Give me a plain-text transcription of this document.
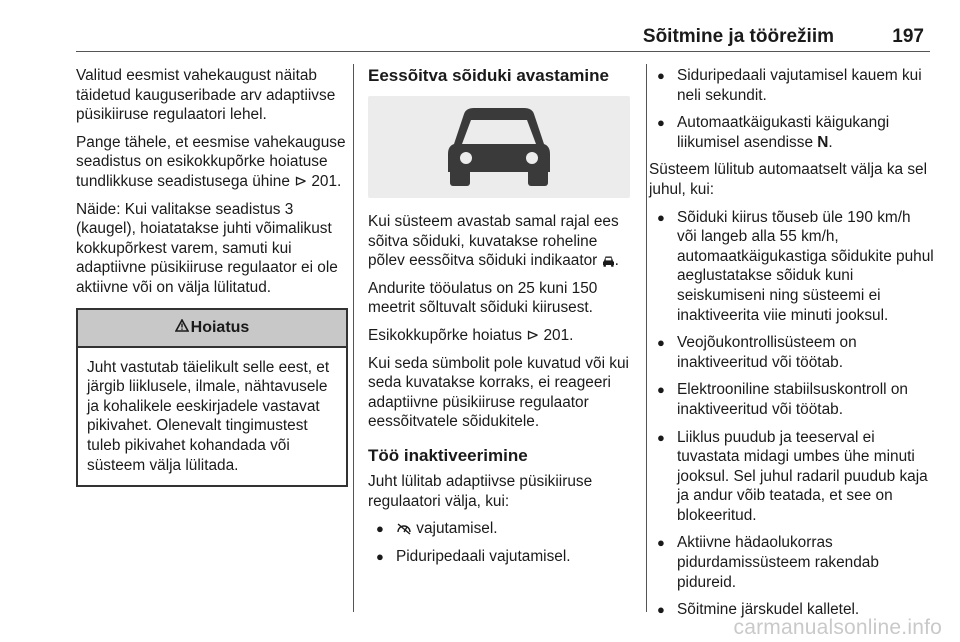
Sõitmine ja töörežiim	197

Valitud eesmist vahekaugust näitab täidetud kauguseribade arv adaptiivse püsikiiruse regulaatori lehel.

Pange tähele, et eesmise vahekauguse seadistus on esikokkupõrke hoiatuse tundlikkuse seadistusega ühine ⊳ 201.

Näide: Kui valitakse seadistus 3 (kaugel), hoiatatakse juhti võimalikust kokkupõrkest varem, samuti kui adaptiivne püsikiiruse regulaator ei ole aktiivne või on välja lülitatud.

Hoiatus
Juht vastutab täielikult selle eest, et järgib liiklusele, ilmale, nähtavusele ja kohalikele eeskirjadele vastavat pikivahet. Olenevalt tingimustest tuleb pikivahet kohandada või süsteem välja lülitada.
Eessõitva sõiduki avastamine

Kui süsteem avastab samal rajal ees sõitva sõiduki, kuvatakse roheline põlev eessõitva sõiduki indikaator .

Andurite tööulatus on 25 kuni 150 meetrit sõltuvalt sõiduki kiirusest.

Esikokkupõrke hoiatus ⊳ 201.

Kui seda sümbolit pole kuvatud või kui seda kuvatakse korraks, ei reageeri adaptiivne püsikiiruse regulaator eessõitvatele sõidukitele.

Töö inaktiveerimine

Juht lülitab adaptiivse püsikiiruse regulaatori välja, kui:

● vajutamisel.
● Piduripedaali vajutamisel.
● Siduripedaali vajutamisel kauem kui neli sekundit.
● Automaatkäigukasti käigukangi liikumisel asendisse N.

Süsteem lülitub automaatselt välja ka sel juhul, kui:

● Sõiduki kiirus tõuseb üle 190 km/h või langeb alla 55 km/h, automaatkäigukastiga sõidukite puhul aeglustatakse sõiduk kuni seiskumiseni ning süsteemi ei inaktiveerita viie minuti jooksul.
● Veojõukontrollisüsteem on inaktiveeritud või töötab.
● Elektrooniline stabiilsuskontroll on inaktiveeritud või töötab.
● Liiklus puudub ja teeserval ei tuvastata midagi umbes ühe minuti jooksul. Sel juhul radaril puudub kaja ja andur võib teatada, et see on blokeeritud.
● Aktiivne hädaolukorras pidurdamissüsteem rakendab pidureid.
● Sõitmine järskudel kalletel.
carmanualsonline.info
